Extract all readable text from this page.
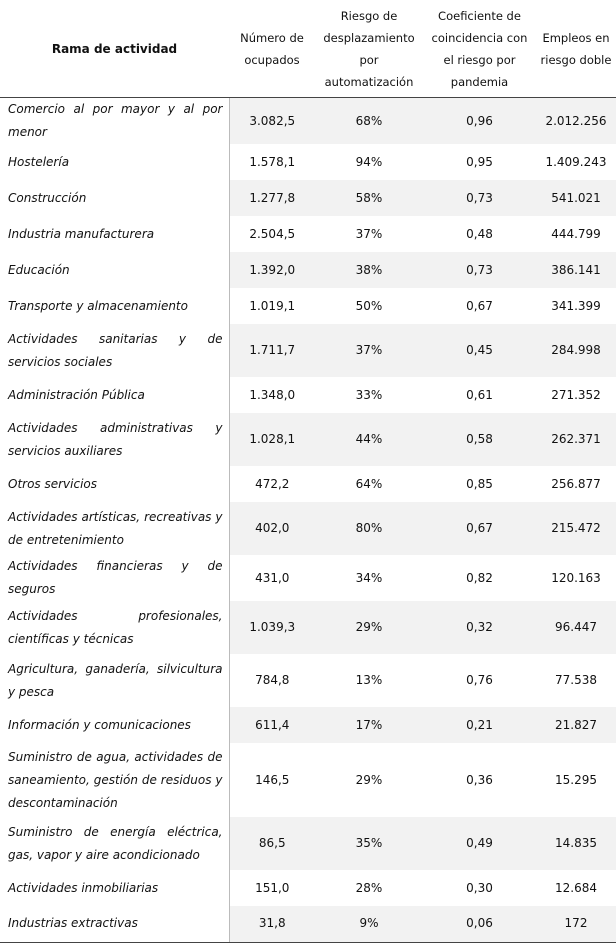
Rama de actividad	Número de ocupados	Riesgo de desplazamiento por automatización	Coeficiente de coincidencia con el riesgo por pandemia	Empleos en riesgo doble
Comercio al por mayor y al por menor	3.082,5	68%	0,96	2.012.256
Hostelería	1.578,1	94%	0,95	1.409.243
Construcción	1.277,8	58%	0,73	541.021
Industria manufacturera	2.504,5	37%	0,48	444.799
Educación	1.392,0	38%	0,73	386.141
Transporte y almacenamiento	1.019,1	50%	0,67	341.399
Actividades sanitarias y de servicios sociales	1.711,7	37%	0,45	284.998
Administración Pública	1.348,0	33%	0,61	271.352
Actividades administrativas y servicios auxiliares	1.028,1	44%	0,58	262.371
Otros servicios	472,2	64%	0,85	256.877
Actividades artísticas, recreativas y de entretenimiento	402,0	80%	0,67	215.472
Actividades financieras y de seguros	431,0	34%	0,82	120.163
Actividades profesionales, científicas y técnicas	1.039,3	29%	0,32	96.447
Agricultura, ganadería, silvicultura y pesca	784,8	13%	0,76	77.538
Información y comunicaciones	611,4	17%	0,21	21.827
Suministro de agua, actividades de saneamiento, gestión de residuos y descontaminación	146,5	29%	0,36	15.295
Suministro de energía eléctrica, gas, vapor y aire acondicionado	86,5	35%	0,49	14.835
Actividades inmobiliarias	151,0	28%	0,30	12.684
Industrias extractivas	31,8	9%	0,06	172
